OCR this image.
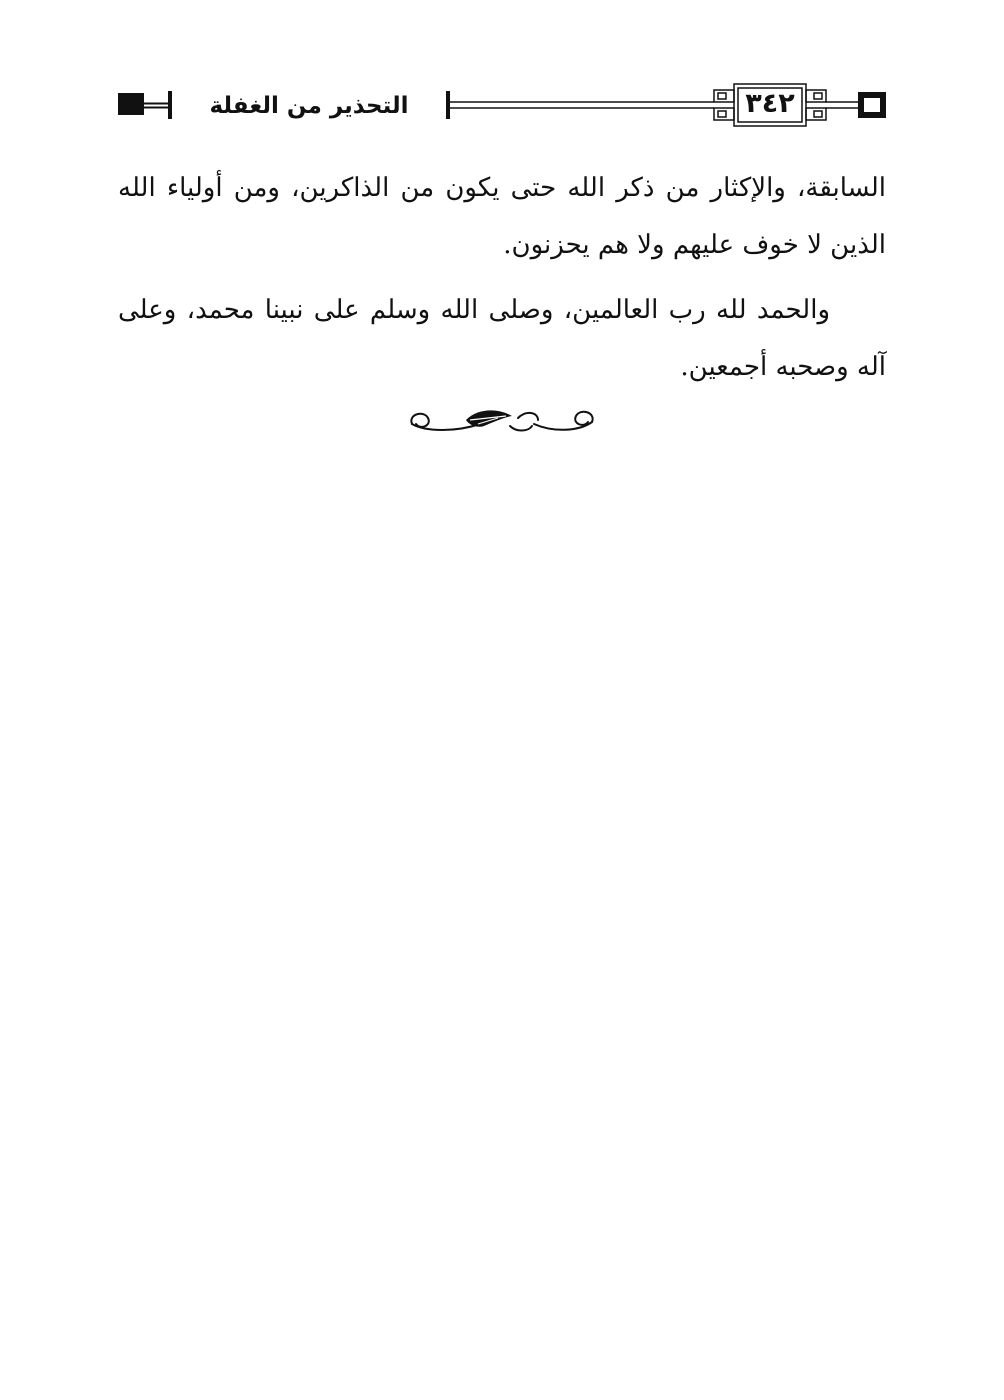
التحذير من الغفلة	٣٤٢

السابقة، والإكثار من ذكر الله حتى يكون من الذاكرين، ومن أولياء الله الذين لا خوف عليهم ولا هم يحزنون.

والحمد لله رب العالمين، وصلى الله وسلم على نبينا محمد، وعلى آله وصحبه أجمعين.
